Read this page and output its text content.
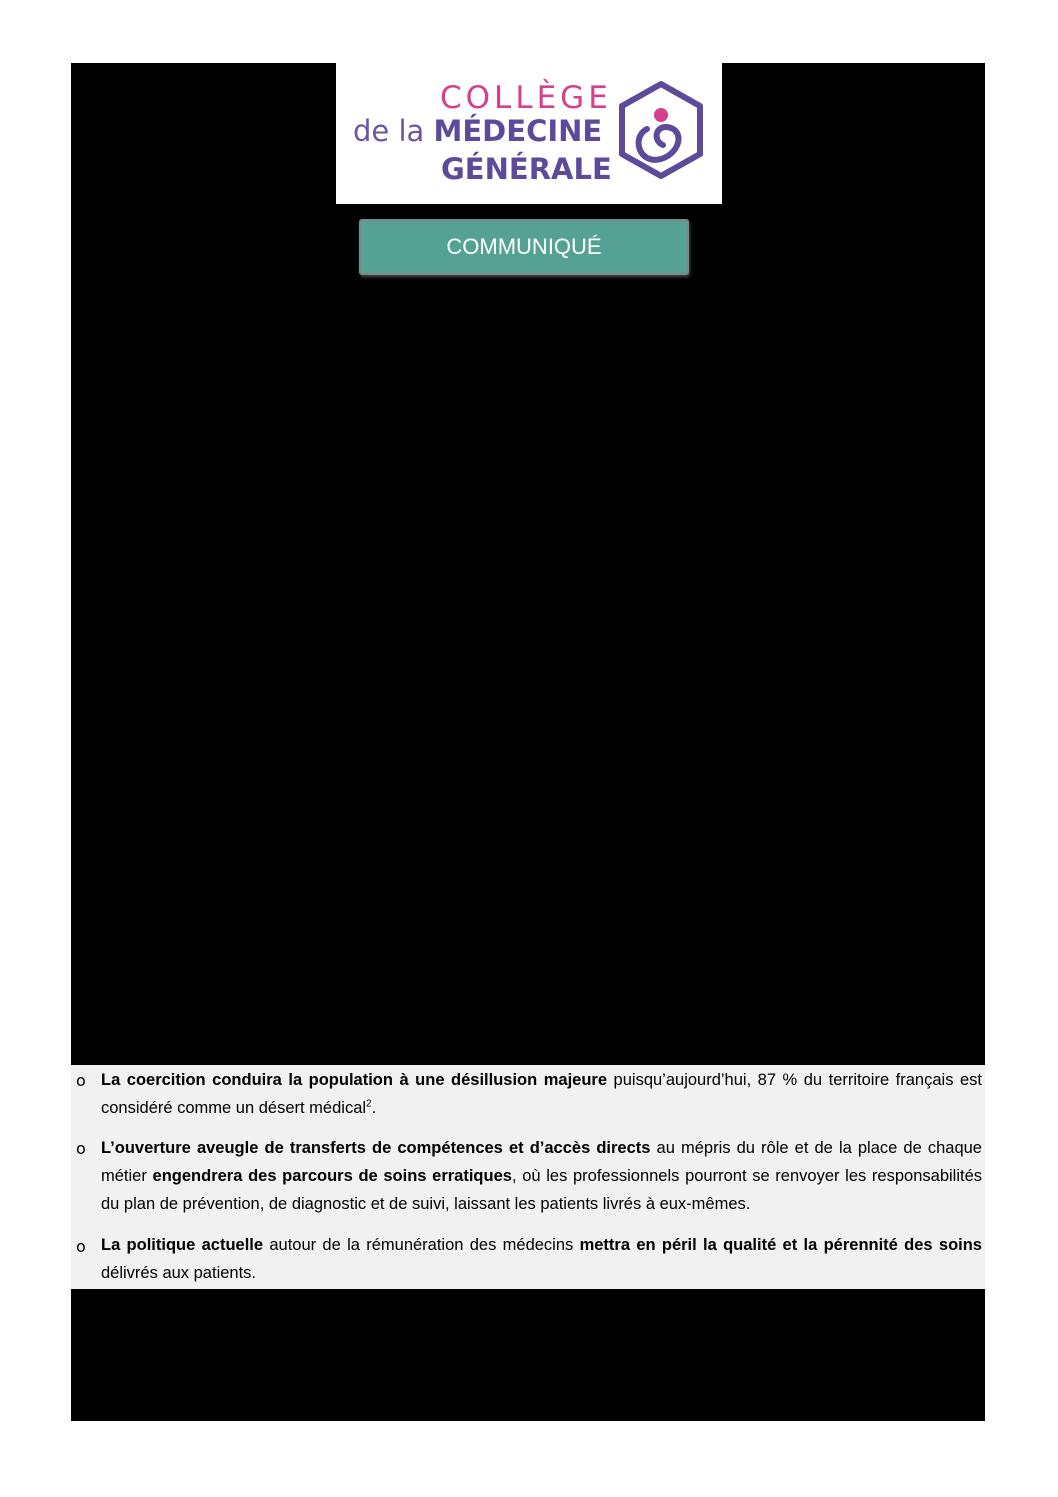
COLLÈGE
de la MÉDECINE
GÉNÉRALE
COMMUNIQUÉ
o La coercition conduira la population à une désillusion majeure puisqu’aujourd’hui, 87 % du territoire français est considéré comme un désert médical$^2$.

o L’ouverture aveugle de transferts de compétences et d’accès directs au mépris du rôle et de la place de chaque métier engendrera des parcours de soins erratiques, où les professionnels pourront se renvoyer les responsabilités du plan de prévention, de diagnostic et de suivi, laissant les patients livrés à eux-mêmes.

o La politique actuelle autour de la rémunération des médecins mettra en péril la qualité et la pérennité des soins délivrés aux patients.
